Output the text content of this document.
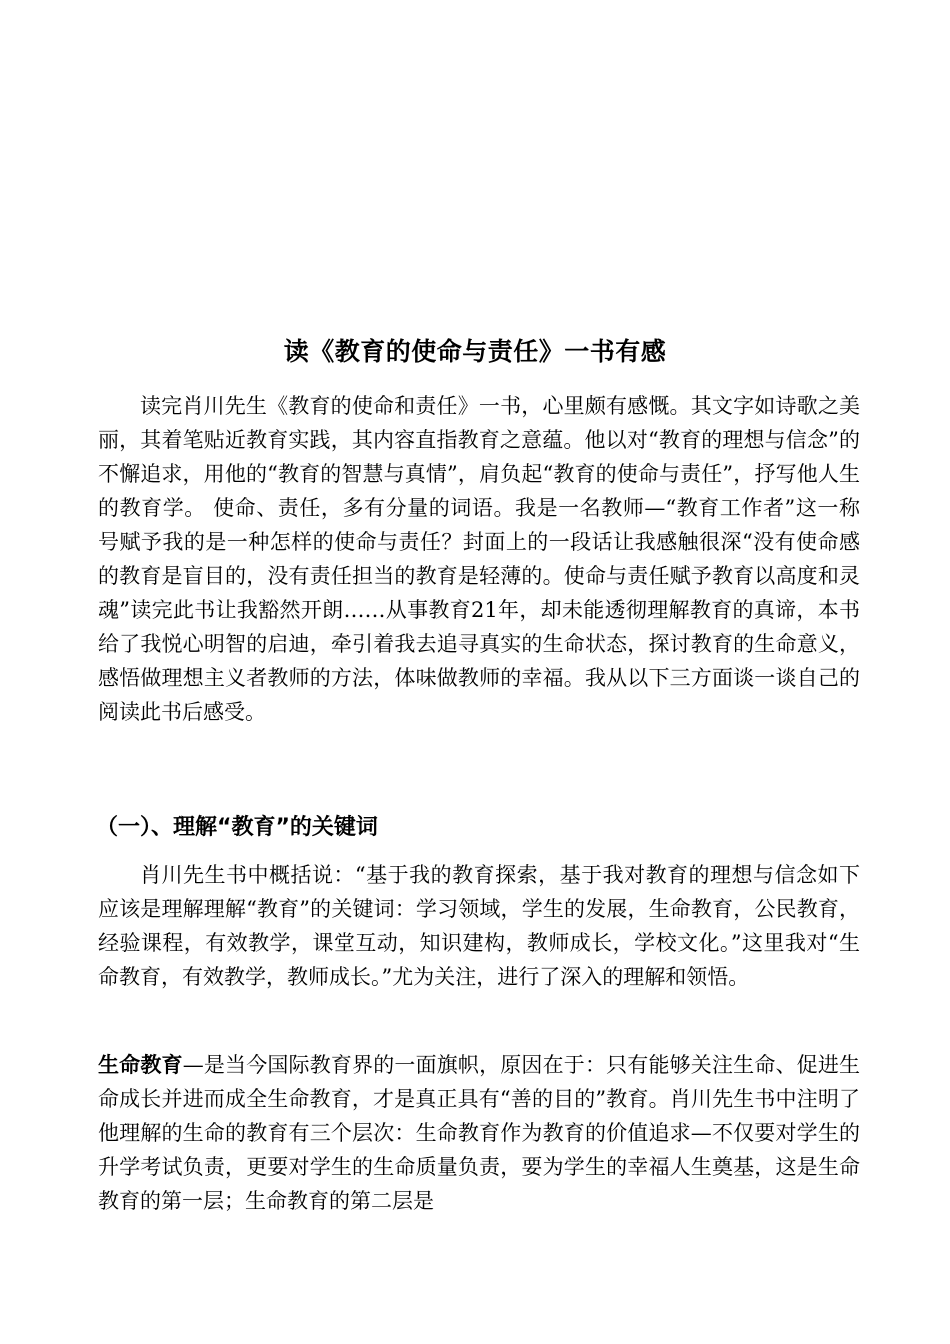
读《教育的使命与责任》一书有感
读完肖川先生《教育的使命和责任》一书，心里颇有感慨。其文字如诗歌之美丽，其着笔贴近教育实践，其内容直指教育之意蕴。他以对“教育的理想与信念”的不懈追求，用他的“教育的智慧与真情”，肩负起“教育的使命与责任”，抒写他人生的教育学。 使命、责任，多有分量的词语。我是一名教师—“教育工作者”这一称号赋予我的是一种怎样的使命与责任？封面上的一段话让我感触很深“没有使命感的教育是盲目的，没有责任担当的教育是轻薄的。使命与责任赋予教育以高度和灵魂”读完此书让我豁然开朗……从事教育21年，却未能透彻理解教育的真谛，本书给了我悦心明智的启迪，牵引着我去追寻真实的生命状态，探讨教育的生命意义，感悟做理想主义者教师的方法，体味做教师的幸福。我从以下三方面谈一谈自己的阅读此书后感受。
（一）、理解“教育”的关键词
肖川先生书中概括说：“基于我的教育探索，基于我对教育的理想与信念如下应该是理解理解“教育”的关键词：学习领域，学生的发展，生命教育，公民教育，经验课程，有效教学，课堂互动，知识建构，教师成长，学校文化。”这里我对“生命教育，有效教学，教师成长。”尤为关注，进行了深入的理解和领悟。
生命教育—是当今国际教育界的一面旗帜，原因在于：只有能够关注生命、促进生命成长并进而成全生命教育，才是真正具有“善的目的”教育。肖川先生书中注明了他理解的生命的教育有三个层次：生命教育作为教育的价值追求—不仅要对学生的升学考试负责，更要对学生的生命质量负责，要为学生的幸福人生奠基，这是生命教育的第一层；生命教育的第二层是
